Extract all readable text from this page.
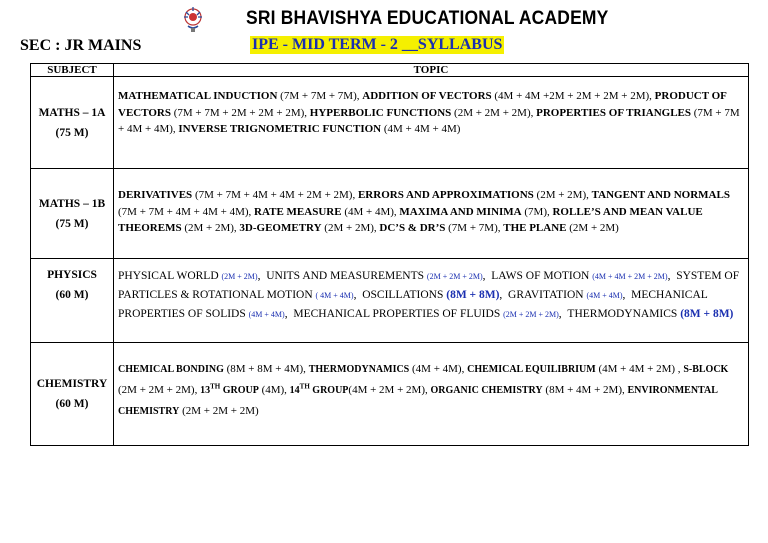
SRI BHAVISHYA EDUCATIONAL ACADEMY
SEC : JR MAINS	IPE - MID TERM - 2 __SYLLABUS
SUBJECT	TOPIC

MATHS – 1A
(75 M)	MATHEMATICAL INDUCTION (7M + 7M + 7M), ADDITION OF VECTORS (4M + 4M +2M + 2M + 2M + 2M), PRODUCT OF VECTORS (7M + 7M + 2M + 2M + 2M), HYPERBOLIC FUNCTIONS (2M + 2M + 2M), PROPERTIES OF TRIANGLES (7M + 7M + 4M + 4M), INVERSE TRIGNOMETRIC FUNCTION (4M + 4M + 4M)

MATHS – 1B
(75 M)	DERIVATIVES (7M + 7M + 4M + 4M + 2M + 2M), ERRORS AND APPROXIMATIONS (2M + 2M), TANGENT AND NORMALS (7M + 7M + 4M + 4M + 4M), RATE MEASURE (4M + 4M), MAXIMA AND MINIMA (7M), ROLLE’S AND MEAN VALUE THEOREMS (2M + 2M), 3D-GEOMETRY (2M + 2M), DC’S & DR’S (7M + 7M), THE PLANE (2M + 2M)

PHYSICS
(60 M)	PHYSICAL WORLD (2M + 2M),  UNITS AND MEASUREMENTS (2M + 2M + 2M),  LAWS OF MOTION (4M + 4M + 2M + 2M),  SYSTEM OF PARTICLES & ROTATIONAL MOTION ( 4M + 4M),  OSCILLATIONS (8M + 8M),  GRAVITATION (4M + 4M),  MECHANICAL PROPERTIES OF SOLIDS (4M + 4M),  MECHANICAL PROPERTIES OF FLUIDS (2M + 2M + 2M),  THERMODYNAMICS (8M + 8M)

CHEMISTRY
(60 M)	CHEMICAL BONDING (8M + 8M + 4M), THERMODYNAMICS (4M + 4M), CHEMICAL EQUILIBRIUM (4M + 4M + 2M) , S-BLOCK (2M + 2M + 2M), 13TH GROUP (4M), 14TH GROUP(4M + 2M + 2M), ORGANIC CHEMISTRY (8M + 4M + 2M), ENVIRONMENTAL CHEMISTRY (2M + 2M + 2M)
